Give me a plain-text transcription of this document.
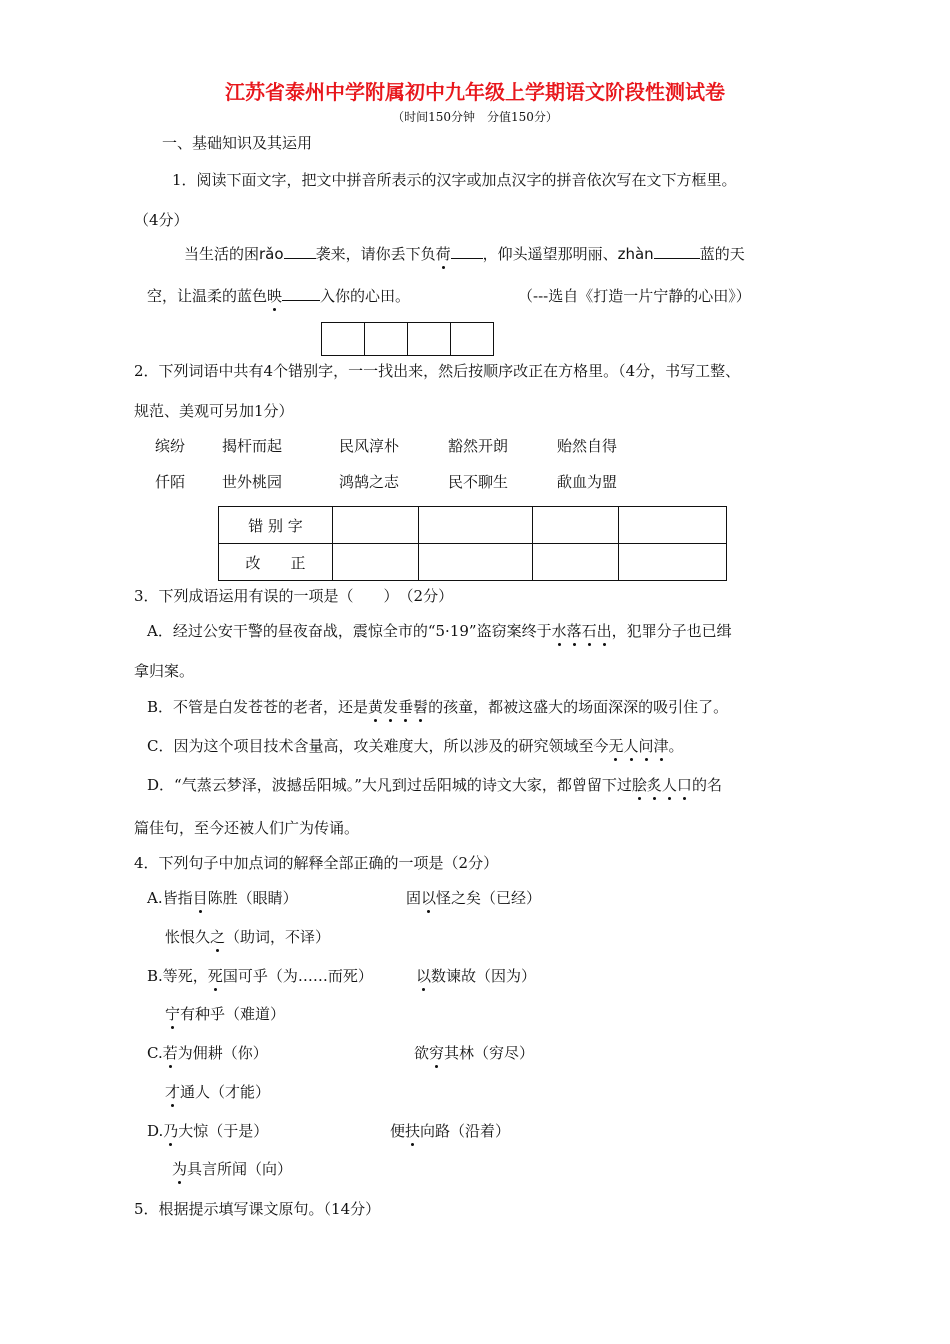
江苏省泰州中学附属初中九年级上学期语文阶段性测试卷
（时间150分钟　分值150分）
一、基础知识及其运用
1．阅读下面文字，把文中拼音所表示的汉字或加点汉字的拼音依次写在文下方框里。
（4分）
当生活的困rǎo 袭来，请你丢下负荷 ，仰头遥望那明丽、zhàn	蓝的天
空，让温柔的蓝色映	入你的心田。	（---选自《打造一片宁静的心田》）
2．下列词语中共有4个错别字，一一找出来，然后按顺序改正在方格里。（4分，书写工整、
规范、美观可另加1分）
缤纷 揭杆而起	民风淳朴	豁然开朗	贻然自得
仟陌 世外桃园	鸿鹄之志	民不聊生	歃血为盟
错 别 字				
改　　正				
3．下列成语运用有误的一项是（　　）　（2分）
A．经过公安干警的昼夜奋战，震惊全市的“5·19”盗窃案终于水落石出，犯罪分子也已缉
拿归案。
B．不管是白发苍苍的老者，还是黄发垂髫的孩童，都被这盛大的场面深深的吸引住了。
C．因为这个项目技术含量高，攻关难度大，所以涉及的研究领域至今无人问津。
D．“气蒸云梦泽，波撼岳阳城。”大凡到过岳阳城的诗文大家，都曾留下过脍炙人口的名
篇佳句，至今还被人们广为传诵。
4．下列句子中加点词的解释全部正确的一项是（2分）
A.皆指目陈胜（眼睛）	固以怪之矣（已经）
怅恨久之（助词，不译）
B.等死，死国可乎（为……而死）	以数谏故（因为）
宁有种乎（难道）
C.若为佣耕（你）	欲穷其林（穷尽）
才通人（才能）
D.乃大惊（于是）	便扶向路（沿着）
为具言所闻（向）
5．根据提示填写课文原句。（14分）
